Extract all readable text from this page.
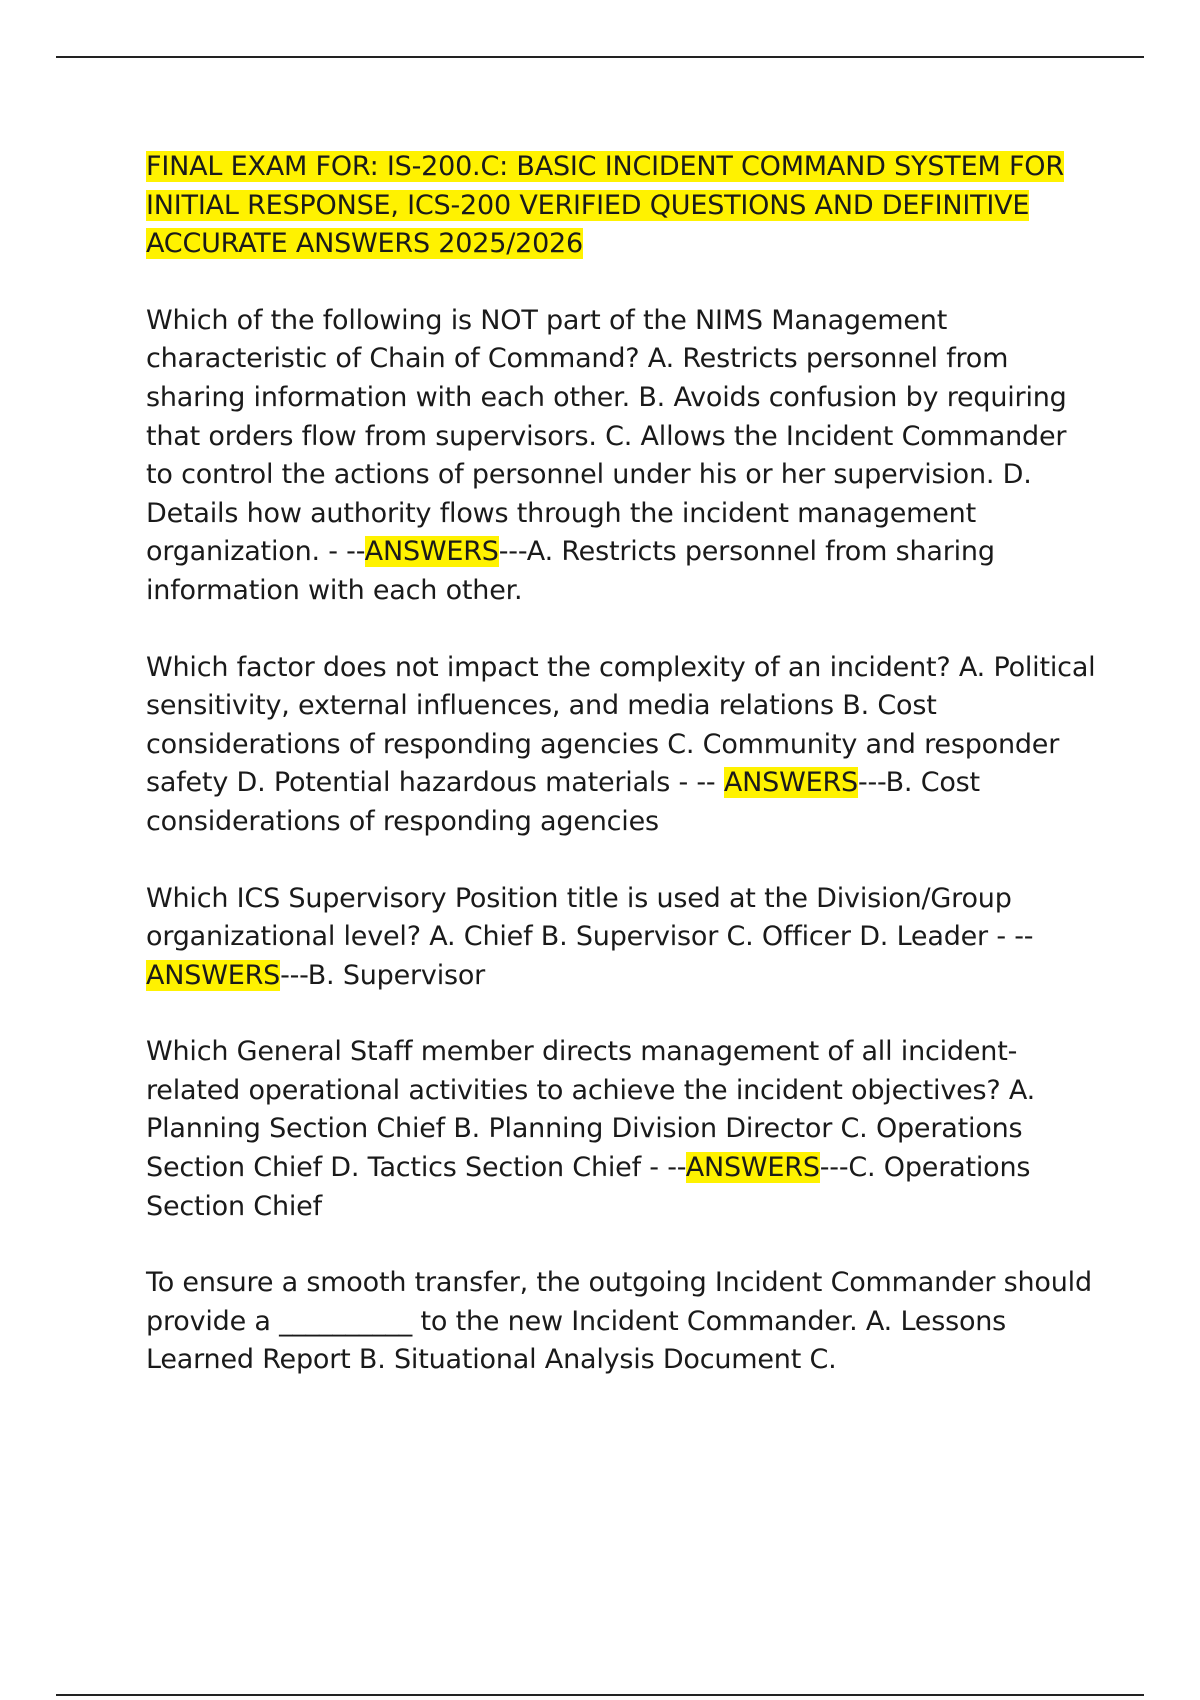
FINAL EXAM FOR: IS-200.C: BASIC INCIDENT COMMAND SYSTEM FOR INITIAL RESPONSE, ICS-200 VERIFIED QUESTIONS AND DEFINITIVE ACCURATE ANSWERS 2025/2026

Which of the following is NOT part of the NIMS Management characteristic of Chain of Command? A. Restricts personnel from sharing information with each other. B. Avoids confusion by requiring that orders flow from supervisors. C. Allows the Incident Commander to control the actions of personnel under his or her supervision. D. Details how authority flows through the incident management organization. - --ANSWERS---A. Restricts personnel from sharing information with each other.

Which factor does not impact the complexity of an incident? A. Political sensitivity, external influences, and media relations B. Cost considerations of responding agencies C. Community and responder safety D. Potential hazardous materials - -- ANSWERS---B. Cost considerations of responding agencies

Which ICS Supervisory Position title is used at the Division/Group organizational level? A. Chief B. Supervisor C. Officer D. Leader - --ANSWERS---B. Supervisor

Which General Staff member directs management of all incident-related operational activities to achieve the incident objectives? A. Planning Section Chief B. Planning Division Director C. Operations Section Chief D. Tactics Section Chief - --ANSWERS---C. Operations Section Chief

To ensure a smooth transfer, the outgoing Incident Commander should provide a __________ to the new Incident Commander. A. Lessons Learned Report B. Situational Analysis Document C.
